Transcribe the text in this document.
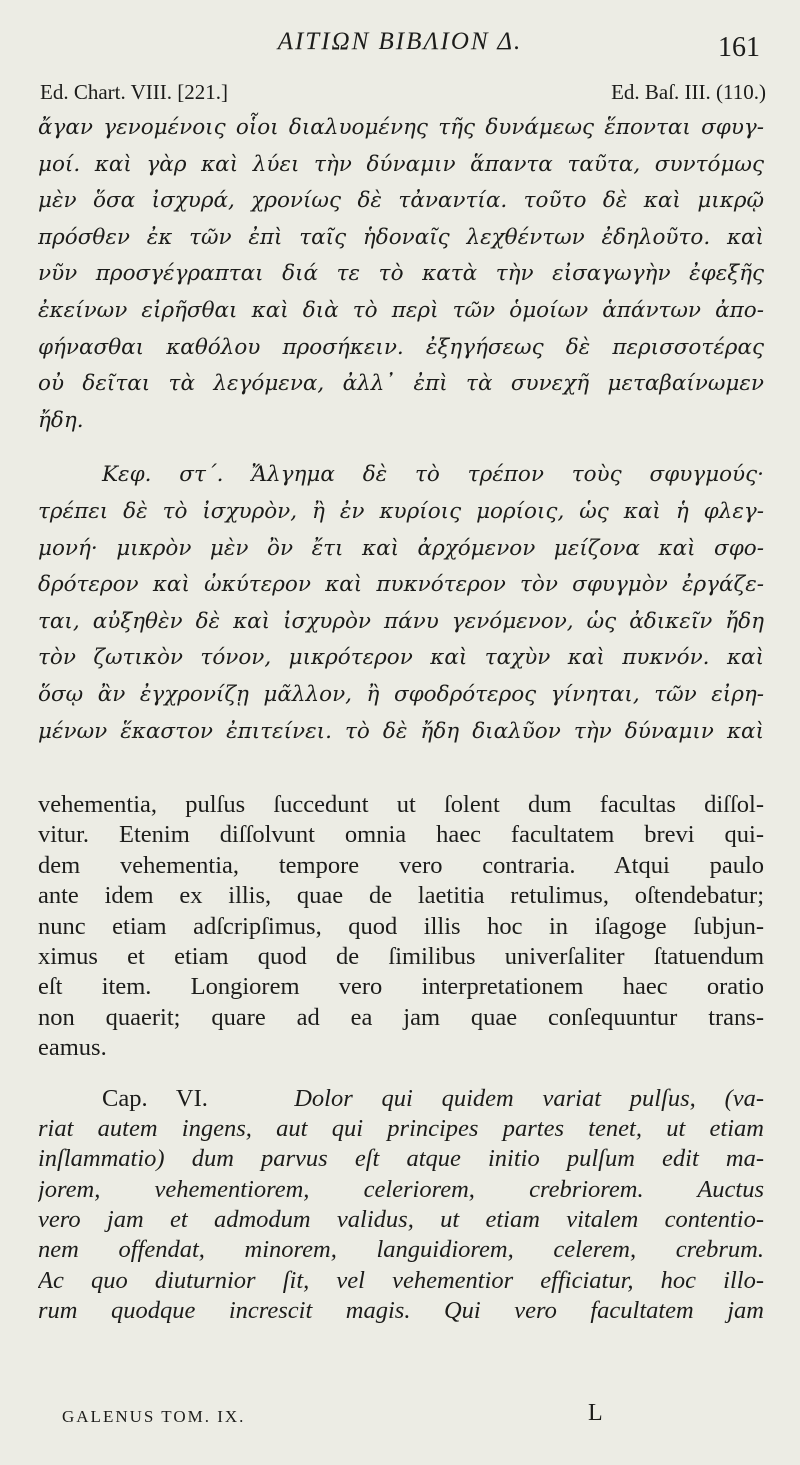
ΑΙΤΙΩΝ ΒΙΒΛΙΟΝ Δ.	161
Ed. Chart. VIII. [221.]	Ed. Baſ. III. (110.)
ἄγαν γενομένοις οἷοι διαλυομένης τῆς δυνάμεως ἕπονται σφυγ-
μοί. καὶ γὰρ καὶ λύει τὴν δύναμιν ἅπαντα ταῦτα, συντόμως
μὲν ὅσα ἰσχυρά, χρονίως δὲ τἀναντία. τοῦτο δὲ καὶ μικρῷ
πρόσθεν ἐκ τῶν ἐπὶ ταῖς ἡδοναῖς λεχθέντων ἐδηλοῦτο. καὶ
νῦν προσγέγραπται διά τε τὸ κατὰ τὴν εἰσαγωγὴν ἐφεξῆς
ἐκείνων εἰρῆσθαι καὶ διὰ τὸ περὶ τῶν ὁμοίων ἁπάντων ἀπο-
φήνασθαι καθόλου προσήκειν. ἐξηγήσεως δὲ περισσοτέρας
οὐ δεῖται τὰ λεγόμενα, ἀλλ᾽ ἐπὶ τὰ συνεχῆ μεταβαίνωμεν
ἤδη.
Κεφ. στ΄. Ἄλγημα δὲ τὸ τρέπον τοὺς σφυγμούς·
τρέπει δὲ τὸ ἰσχυρὸν, ἢ ἐν κυρίοις μορίοις, ὡς καὶ ἡ φλεγ-
μονή· μικρὸν μὲν ὂν ἔτι καὶ ἀρχόμενον μείζονα καὶ σφο-
δρότερον καὶ ὠκύτερον καὶ πυκνότερον τὸν σφυγμὸν ἐργάζε-
ται, αὐξηθὲν δὲ καὶ ἰσχυρὸν πάνυ γενόμενον, ὡς ἀδικεῖν ἤδη
τὸν ζωτικὸν τόνον, μικρότερον καὶ ταχὺν καὶ πυκνόν. καὶ
ὅσῳ ἂν ἐγχρονίζῃ μᾶλλον, ἢ σφοδρότερος γίνηται, τῶν εἰρη-
μένων ἕκαστον ἐπιτείνει. τὸ δὲ ἤδη διαλῦον τὴν δύναμιν καὶ
vehementia, pulſus ſuccedunt ut ſolent dum facultas diſſol-
vitur. Etenim diſſolvunt omnia haec facultatem brevi qui-
dem vehementia, tempore vero contraria. Atqui paulo
ante idem ex illis, quae de laetitia retulimus, oſtendebatur;
nunc etiam adſcripſimus, quod illis hoc in iſagoge ſubjun-
ximus et etiam quod de ſimilibus univerſaliter ſtatuendum
eſt item. Longiorem vero interpretationem haec oratio
non quaerit; quare ad ea jam quae conſequuntur trans-
eamus.
Cap. VI.	Dolor qui quidem variat pulſus, (va-
riat autem ingens, aut qui principes partes tenet, ut etiam
inſlammatio) dum parvus eſt atque initio pulſum edit ma-
jorem, vehementiorem, celeriorem, crebriorem. Auctus
vero jam et admodum validus, ut etiam vitalem contentio-
nem offendat, minorem, languidiorem, celerem, crebrum.
Ac quo diuturnior ſit, vel vehementior efficiatur, hoc illo-
rum quodque increscit magis. Qui vero facultatem jam
GALENUS TOM. IX.	L
